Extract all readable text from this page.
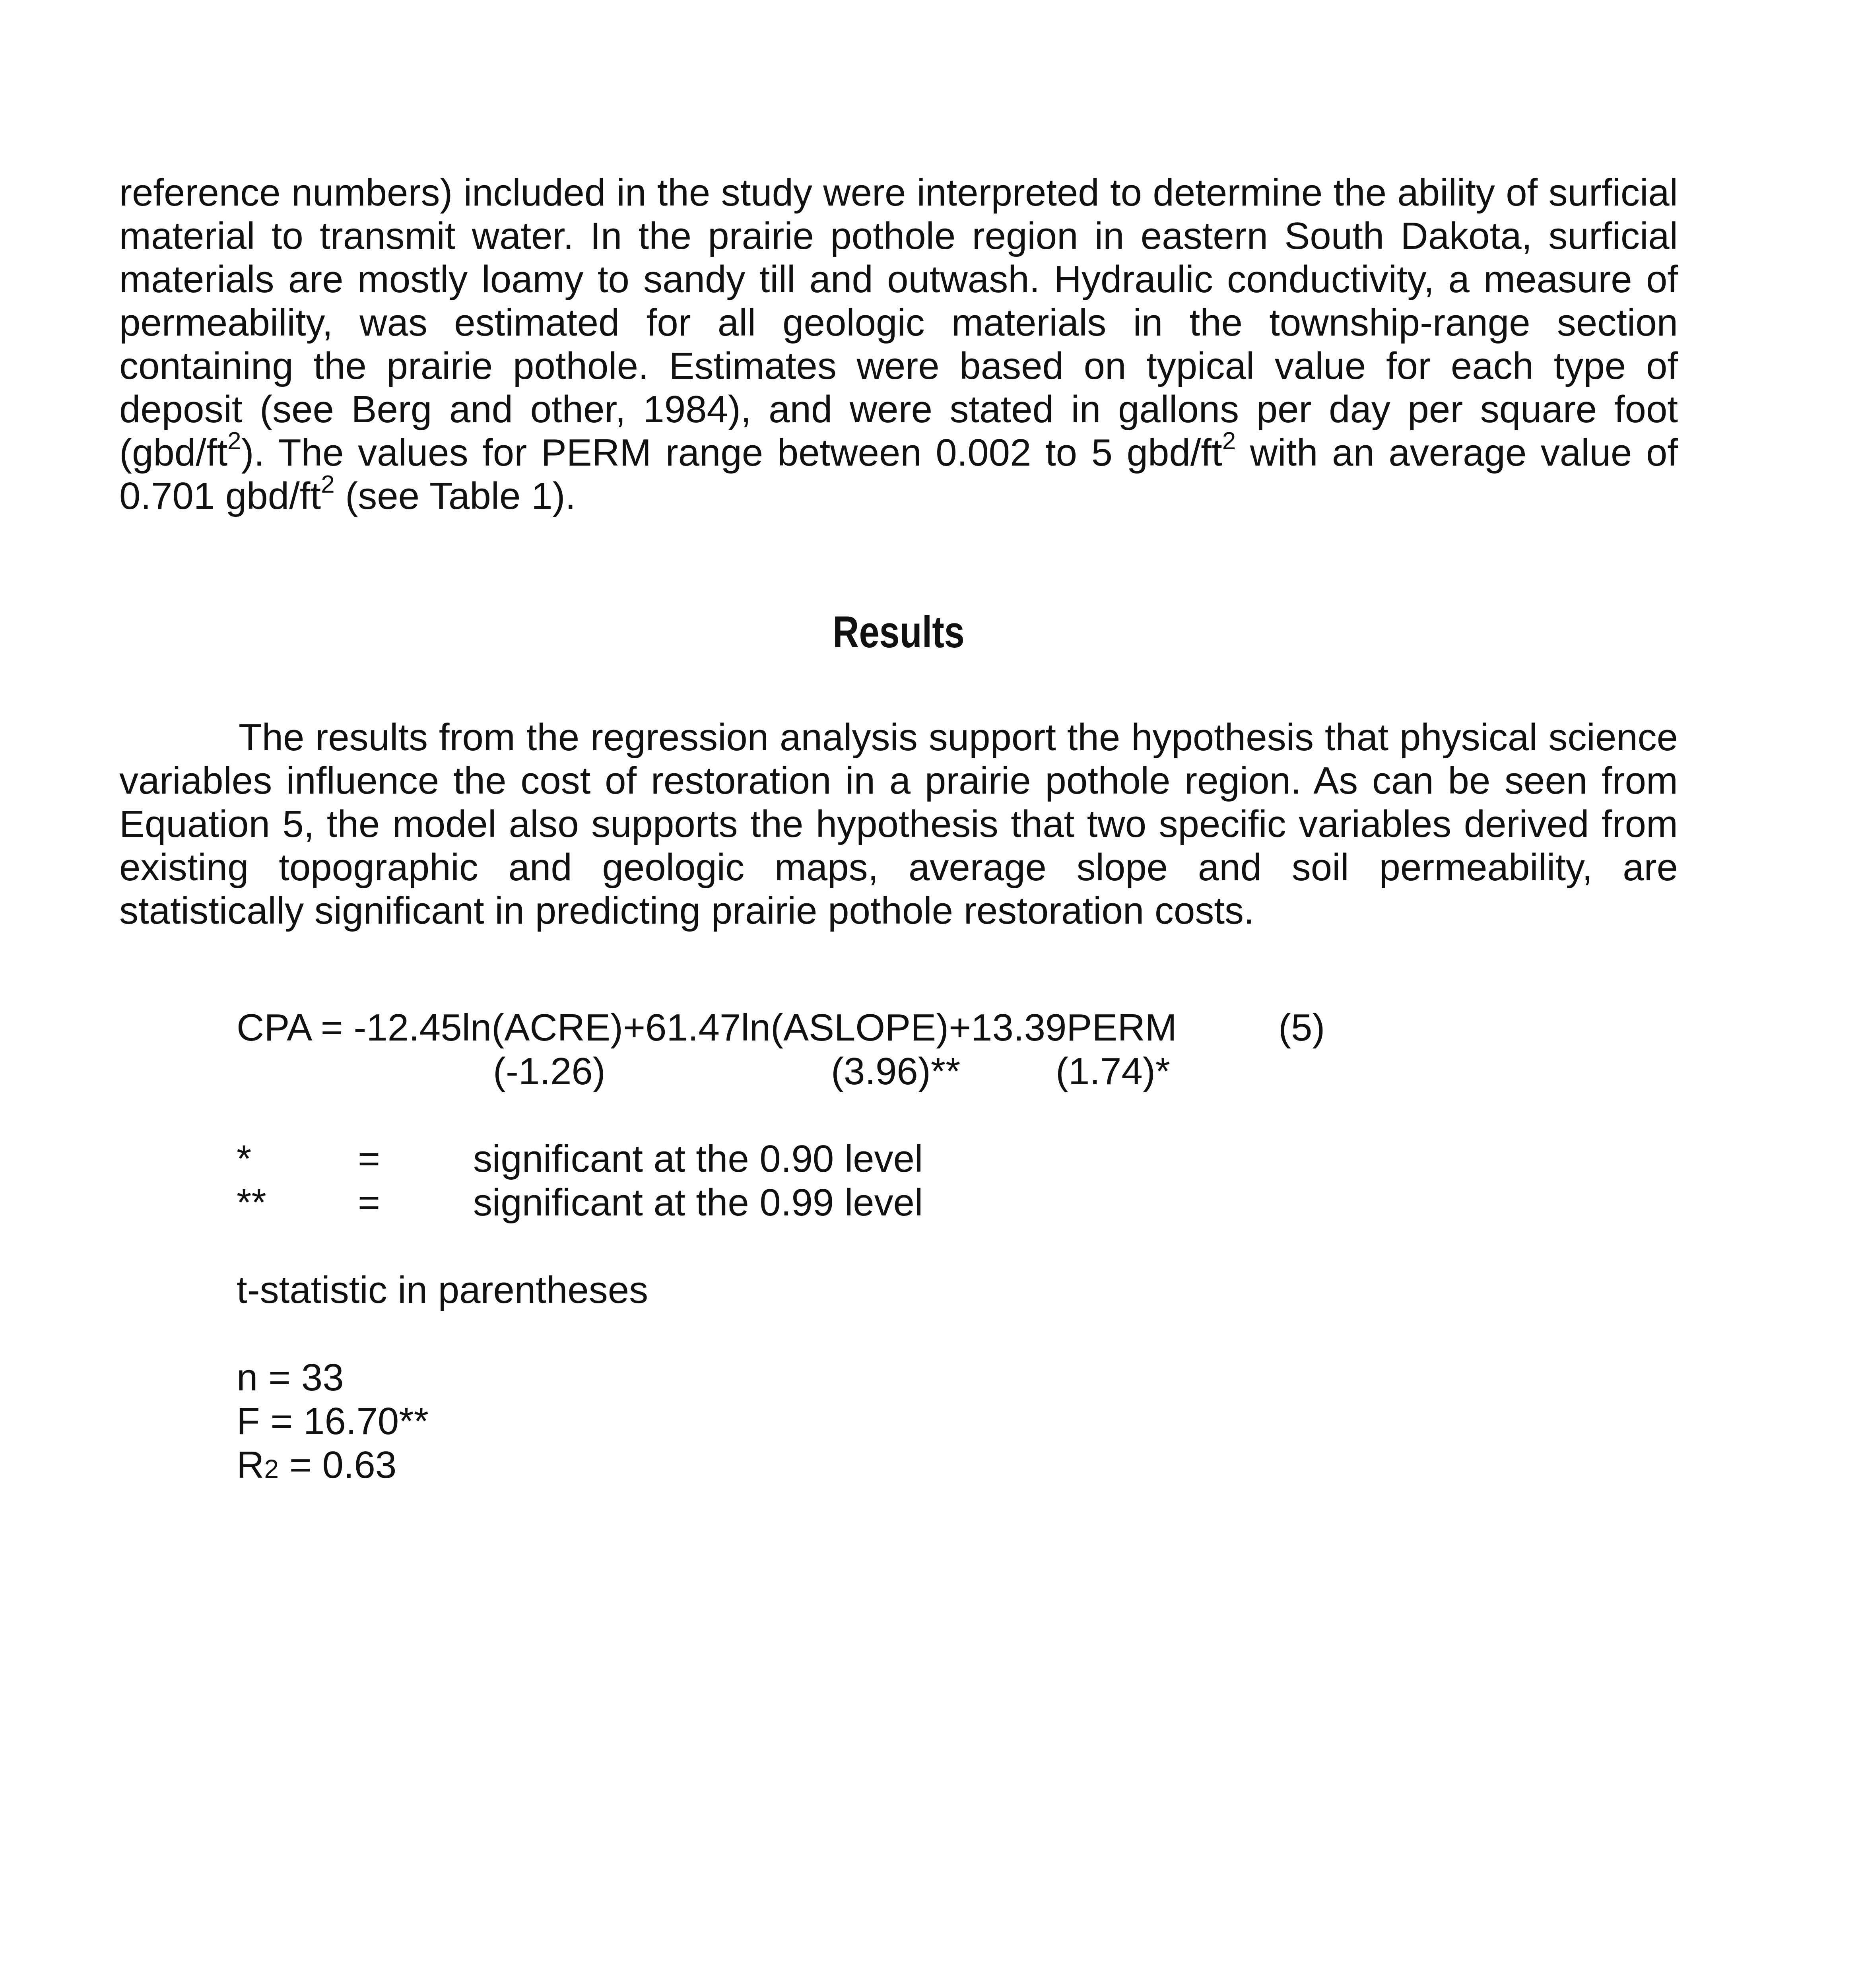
reference numbers) included in the study were interpreted to determine the ability of surficial material to transmit water. In the prairie pothole region in eastern South Dakota, surficial materials are mostly loamy to sandy till and outwash. Hydraulic conductivity, a measure of permeability, was estimated for all geologic materials in the township-range section containing the prairie pothole. Estimates were based on typical value for each type of deposit (see Berg and other, 1984), and were stated in gallons per day per square foot $(gbd/ft^2)$. The values for PERM range between 0.002 to 5 gbd/$ft^2$ with an average value of 0.701 gbd/$ft^2$ (see Table 1).

Results

The results from the regression analysis support the hypothesis that physical science variables influence the cost of restoration in a prairie pothole region. As can be seen from Equation 5, the model also supports the hypothesis that two specific variables derived from existing topographic and geologic maps, average slope and soil permeability, are statistically significant in predicting prairie pothole restoration costs.

CPA = -12.45ln(ACRE)+61.47ln(ASLOPE)+13.39PERM	(5)
(-1.26)	(3.96)** (1.74)*
*	= significant at the 0.90 level
** = significant at the 0.99 level
t-statistic in parentheses
n = 33
F = 16.70**
R2 = 0.63
